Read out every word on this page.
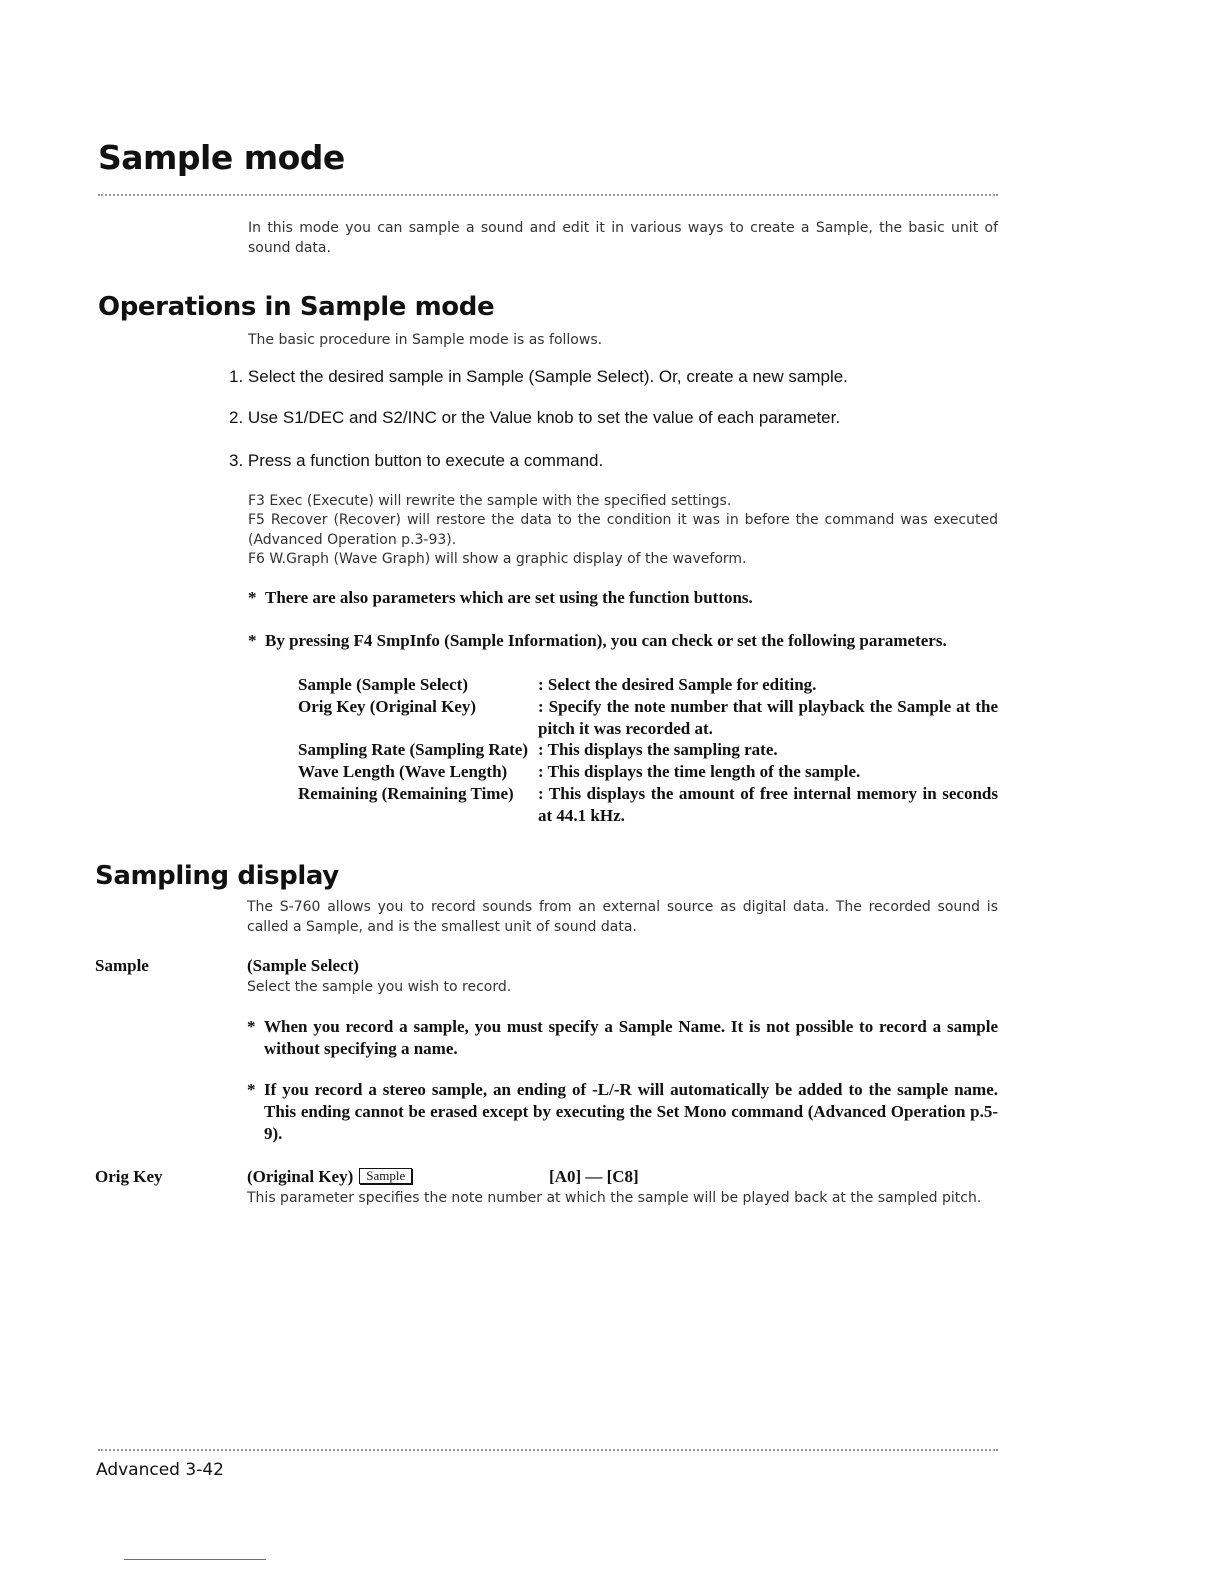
Sample mode
In this mode you can sample a sound and edit it in various ways to create a Sample, the basic unit of sound data.
Operations in Sample mode
The basic procedure in Sample mode is as follows.
1. Select the desired sample in Sample (Sample Select). Or, create a new sample.
2. Use S1/DEC and S2/INC or the Value knob to set the value of each parameter.
3. Press a function button to execute a command.
F3 Exec (Execute) will rewrite the sample with the specified settings.
F5 Recover (Recover) will restore the data to the condition it was in before the command was executed (Advanced Operation p.3-93).
F6 W.Graph (Wave Graph) will show a graphic display of the waveform.
* There are also parameters which are set using the function buttons.
* By pressing F4 SmpInfo (Sample Information), you can check or set the following parameters.
Sample (Sample Select)	: Select the desired Sample for editing.
Orig Key (Original Key)	: Specify the note number that will playback the Sample at the pitch it was recorded at.
Sampling Rate (Sampling Rate) : This displays the sampling rate.
Wave Length (Wave Length) : This displays the time length of the sample.
Remaining (Remaining Time) : This displays the amount of free internal memory in seconds at 44.1 kHz.
Sampling display
The S-760 allows you to record sounds from an external source as digital data. The recorded sound is called a Sample, and is the smallest unit of sound data.
Sample	(Sample Select)
Select the sample you wish to record.
* When you record a sample, you must specify a Sample Name. It is not possible to record a sample without specifying a name.
* If you record a stereo sample, an ending of -L/-R will automatically be added to the sample name. This ending cannot be erased except by executing the Set Mono command (Advanced Operation p.5-9).
Orig Key	(Original Key) Sample	[A0] — [C8]
This parameter specifies the note number at which the sample will be played back at the sampled pitch.
Advanced 3-42
